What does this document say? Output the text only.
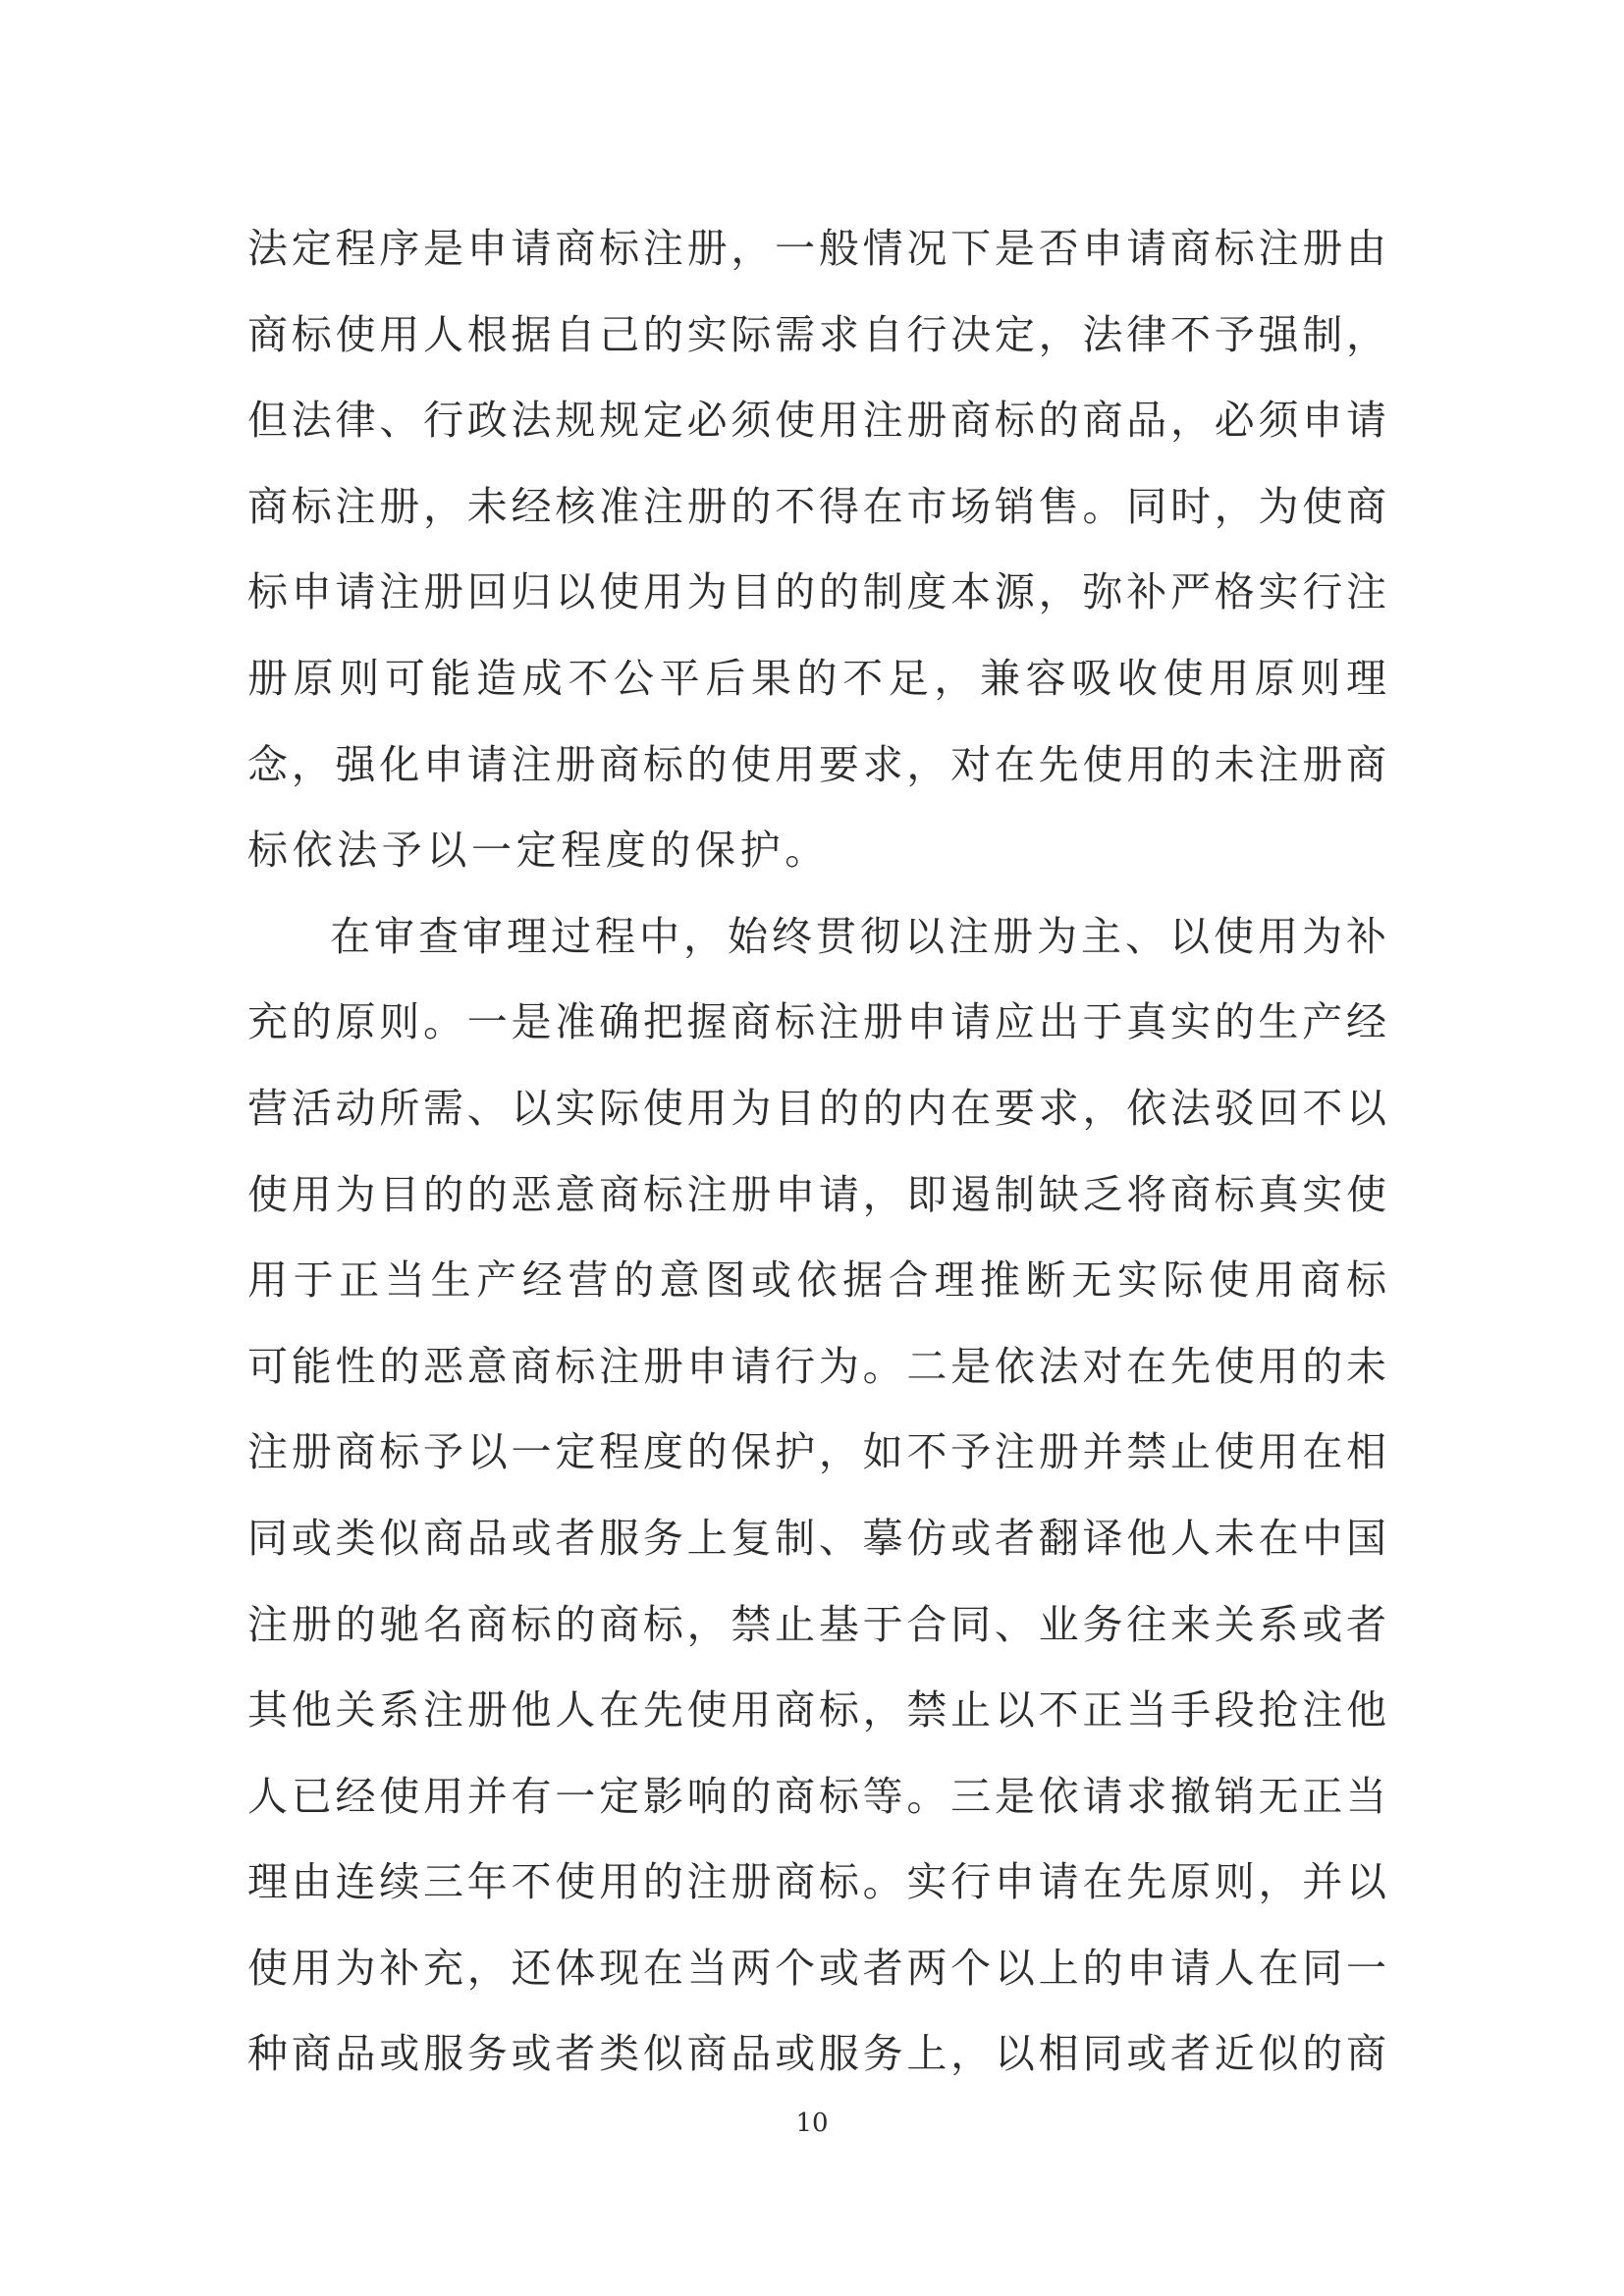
法定程序是申请商标注册，一般情况下是否申请商标注册由
商标使用人根据自己的实际需求自行决定，法律不予强制，
但法律、行政法规规定必须使用注册商标的商品，必须申请
商标注册，未经核准注册的不得在市场销售。同时，为使商
标申请注册回归以使用为目的的制度本源，弥补严格实行注
册原则可能造成不公平后果的不足，兼容吸收使用原则理
念，强化申请注册商标的使用要求，对在先使用的未注册商
标依法予以一定程度的保护。
在审查审理过程中，始终贯彻以注册为主、以使用为补
充的原则。一是准确把握商标注册申请应出于真实的生产经
营活动所需、以实际使用为目的的内在要求，依法驳回不以
使用为目的的恶意商标注册申请，即遏制缺乏将商标真实使
用于正当生产经营的意图或依据合理推断无实际使用商标
可能性的恶意商标注册申请行为。二是依法对在先使用的未
注册商标予以一定程度的保护，如不予注册并禁止使用在相
同或类似商品或者服务上复制、摹仿或者翻译他人未在中国
注册的驰名商标的商标，禁止基于合同、业务往来关系或者
其他关系注册他人在先使用商标，禁止以不正当手段抢注他
人已经使用并有一定影响的商标等。三是依请求撤销无正当
理由连续三年不使用的注册商标。实行申请在先原则，并以
使用为补充，还体现在当两个或者两个以上的申请人在同一
种商品或服务或者类似商品或服务上，以相同或者近似的商
10
